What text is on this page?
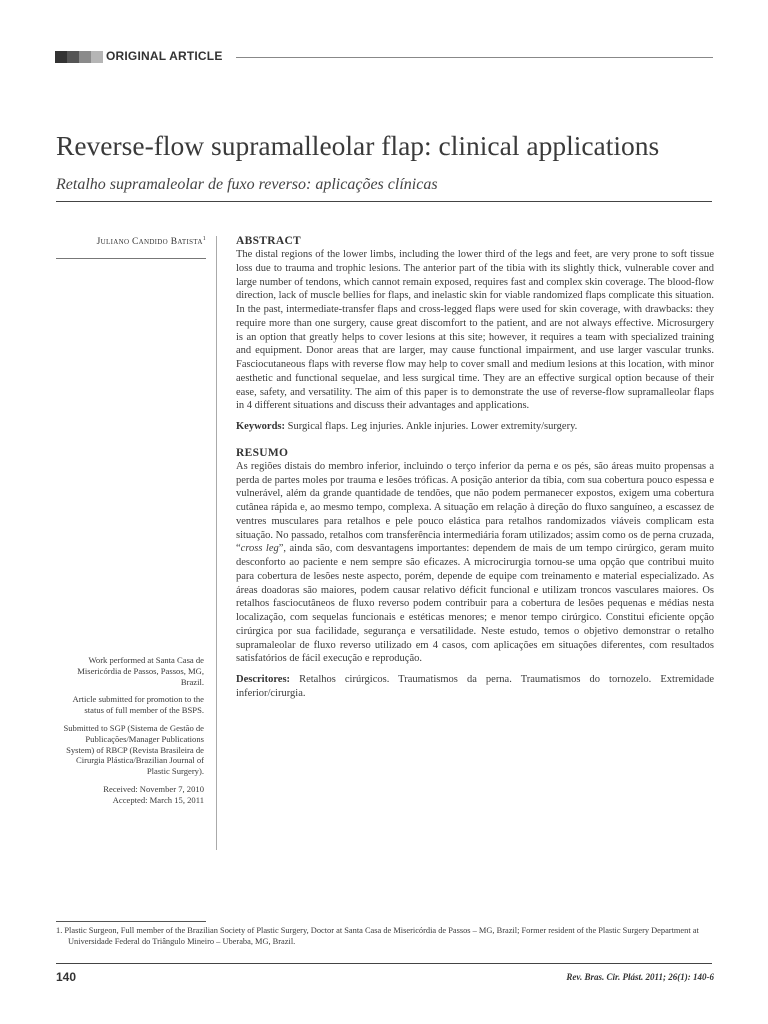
ORIGINAL ARTICLE
Reverse-flow supramalleolar flap: clinical applications
Retalho supramaleolar de fuxo reverso: aplicações clínicas
Juliano Candido Batista$^1$

Work performed at Santa Casa de Misericórdia de Passos, Passos, MG, Brazil.

Article submitted for promotion to the status of full member of the BSPS.

Submitted to SGP (Sistema de Gestão de Publicações/Manager Publications System) of RBCP (Revista Brasileira de Cirurgia Plástica/Brazilian Journal of Plastic Surgery).

Received: November 7, 2010

Accepted: March 15, 2011

ABSTRACT

The distal regions of the lower limbs, including the lower third of the legs and feet, are very prone to soft tissue loss due to trauma and trophic lesions. The anterior part of the tibia with its slightly thick, vulnerable cover and large number of tendons, which cannot remain exposed, requires fast and complex skin coverage. The blood-flow direction, lack of muscle bellies for flaps, and inelastic skin for viable randomized flaps complicate this situation. In the past, intermediate-transfer flaps and cross-legged flaps were used for skin coverage, with drawbacks: they require more than one surgery, cause great discomfort to the patient, and are not always effective. Microsurgery is an option that greatly helps to cover lesions at this site; however, it requires a team with specialized training and equipment. Donor areas that are larger, may cause functional impairment, and use larger vascular trunks. Fasciocutaneous flaps with reverse flow may help to cover small and medium lesions at this location, with minor aesthetic and functional sequelae, and less surgical time. They are an effective surgical option because of their ease, safety, and versatility. The aim of this paper is to demonstrate the use of reverse-flow supramalleolar flaps in 4 different situations and discuss their advantages and applications.

Keywords: Surgical flaps. Leg injuries. Ankle injuries. Lower extremity/surgery.

RESUMO

As regiões distais do membro inferior, incluindo o terço inferior da perna e os pés, são áreas muito propensas a perda de partes moles por trauma e lesões tróficas. A posição anterior da tíbia, com sua cobertura pouco espessa e vulnerável, além da grande quantidade de tendões, que não podem permanecer expostos, exigem uma cobertura cutânea rápida e, ao mesmo tempo, complexa. A situação em relação à direção do fluxo sanguíneo, a escassez de ventres musculares para retalhos e pele pouco elástica para retalhos randomizados viáveis complicam esta situação. No passado, retalhos com transferência intermediária foram utilizados; assim como os de perna cruzada, “cross leg”, ainda são, com desvantagens importantes: dependem de mais de um tempo cirúrgico, geram muito desconforto ao paciente e nem sempre são eficazes. A microcirurgia tornou-se uma opção que contribui muito para cobertura de lesões neste aspecto, porém, depende de equipe com treinamento e material especializado. As áreas doadoras são maiores, podem causar relativo déficit funcional e utilizam troncos vasculares maiores. Os retalhos fasciocutâneos de fluxo reverso podem contribuir para a cobertura de lesões pequenas e médias nesta localização, com sequelas funcionais e estéticas menores; e menor tempo cirúrgico. Constitui eficiente opção cirúrgica por sua facilidade, segurança e versatilidade. Neste estudo, temos o objetivo demonstrar o retalho supramaleolar de fluxo reverso utilizado em 4 casos, com aplicações em situações diferentes, com resultados satisfatórios de fácil execução e reprodução.

Descritores: Retalhos cirúrgicos. Traumatismos da perna. Traumatismos do tornozelo. Extremidade inferior/cirurgia.

1. Plastic Surgeon, Full member of the Brazilian Society of Plastic Surgery, Doctor at Santa Casa de Misericórdia de Passos – MG, Brazil; Former resident of the Plastic Surgery Department at Universidade Federal do Triângulo Mineiro – Uberaba, MG, Brazil.
140	Rev. Bras. Cir. Plást. 2011; 26(1): 140-6
